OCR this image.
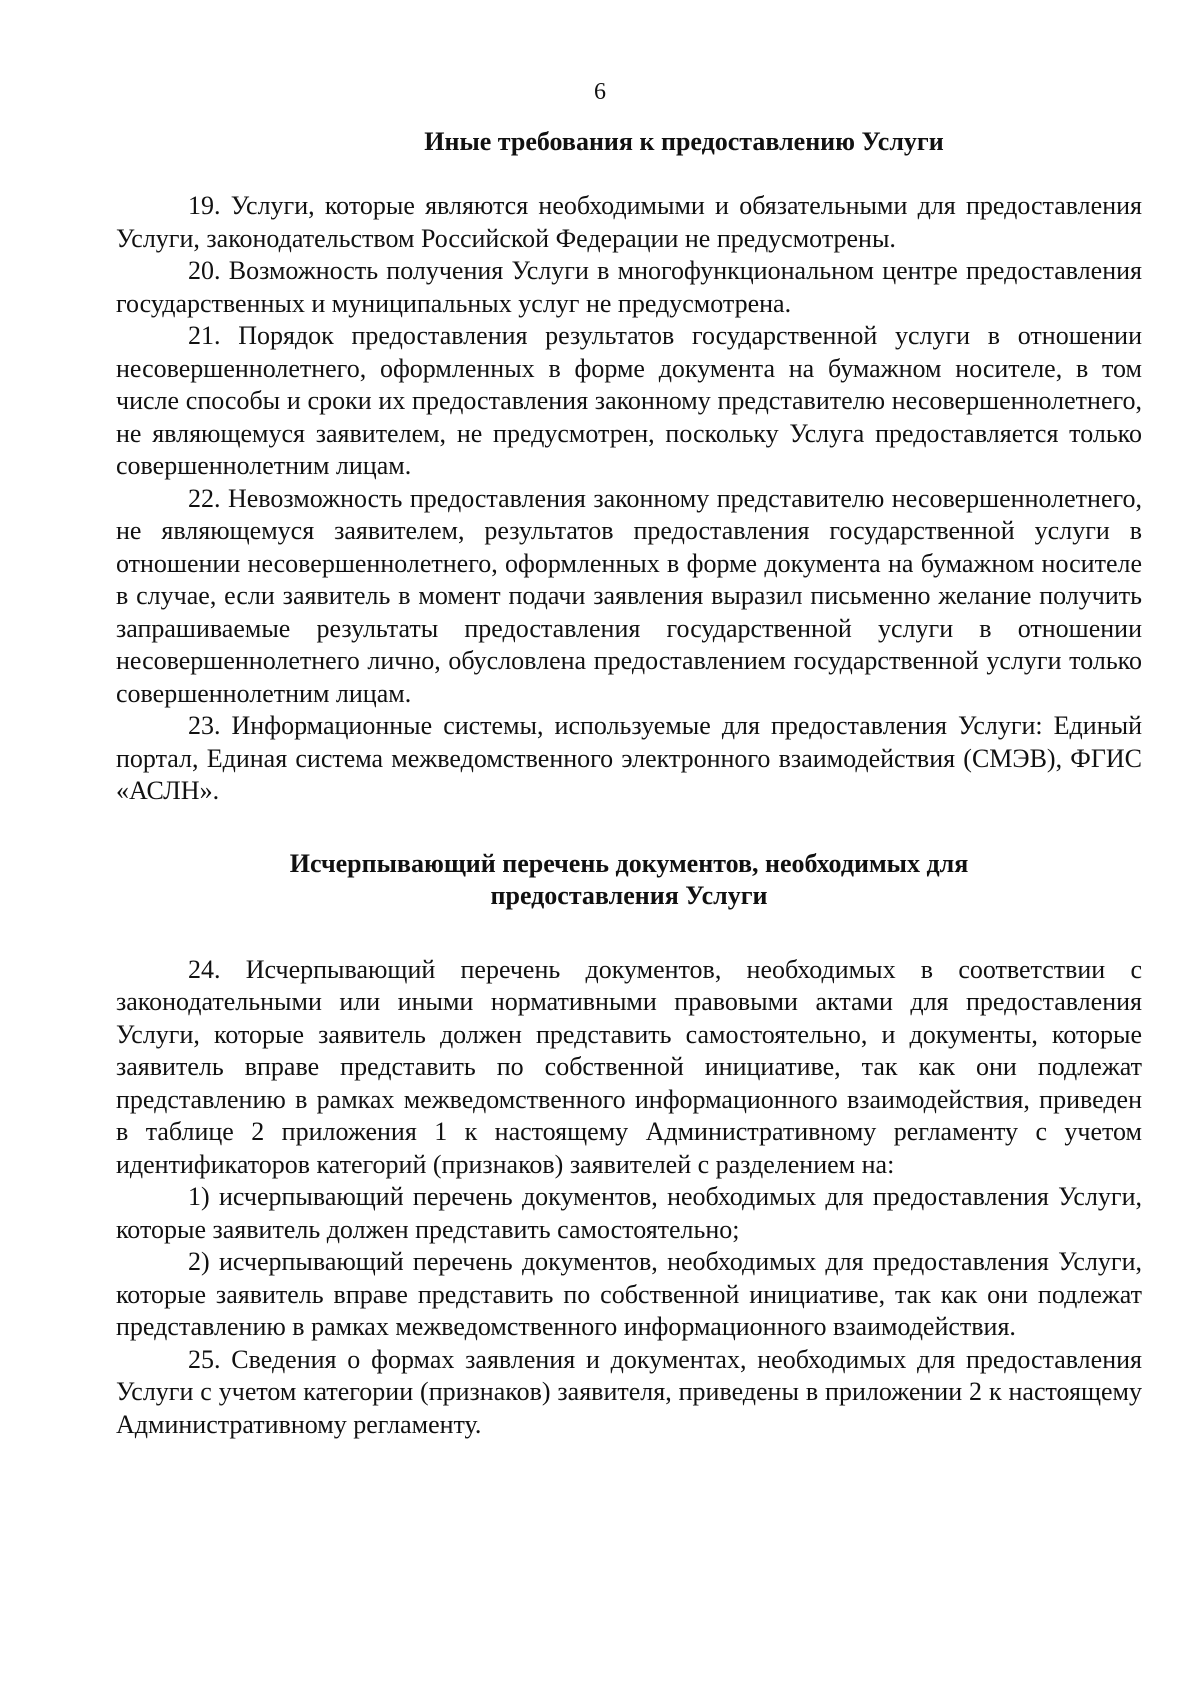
6
Иные требования к предоставлению Услуги

19. Услуги, которые являются необходимыми и обязательными для предоставления Услуги, законодательством Российской Федерации не предусмотрены.

20. Возможность получения Услуги в многофункциональном центре предоставления государственных и муниципальных услуг не предусмотрена.

21. Порядок предоставления результатов государственной услуги в отношении несовершеннолетнего, оформленных в форме документа на бумажном носителе, в том числе способы и сроки их предоставления законному представителю несовершеннолетнего, не являющемуся заявителем, не предусмотрен, поскольку Услуга предоставляется только совершеннолетним лицам.

22. Невозможность предоставления законному представителю несовершеннолетнего, не являющемуся заявителем, результатов предоставления государственной услуги в отношении несовершеннолетнего, оформленных в форме документа на бумажном носителе в случае, если заявитель в момент подачи заявления выразил письменно желание получить запрашиваемые результаты предоставления государственной услуги в отношении несовершеннолетнего лично, обусловлена предоставлением государственной услуги только совершеннолетним лицам.

23. Информационные системы, используемые для предоставления Услуги: Единый портал, Единая система межведомственного электронного взаимодействия (СМЭВ), ФГИС «АСЛН».

Исчерпывающий перечень документов, необходимых для
предоставления Услуги

24. Исчерпывающий перечень документов, необходимых в соответствии с законодательными или иными нормативными правовыми актами для предоставления Услуги, которые заявитель должен представить самостоятельно, и документы, которые заявитель вправе представить по собственной инициативе, так как они подлежат представлению в рамках межведомственного информационного взаимодействия, приведен в таблице 2 приложения 1 к настоящему Административному регламенту с учетом идентификаторов категорий (признаков) заявителей с разделением на:

1) исчерпывающий перечень документов, необходимых для предоставления Услуги, которые заявитель должен представить самостоятельно;

2) исчерпывающий перечень документов, необходимых для предоставления Услуги, которые заявитель вправе представить по собственной инициативе, так как они подлежат представлению в рамках межведомственного информационного взаимодействия.

25. Сведения о формах заявления и документах, необходимых для предоставления Услуги с учетом категории (признаков) заявителя, приведены в приложении 2 к настоящему Административному регламенту.
